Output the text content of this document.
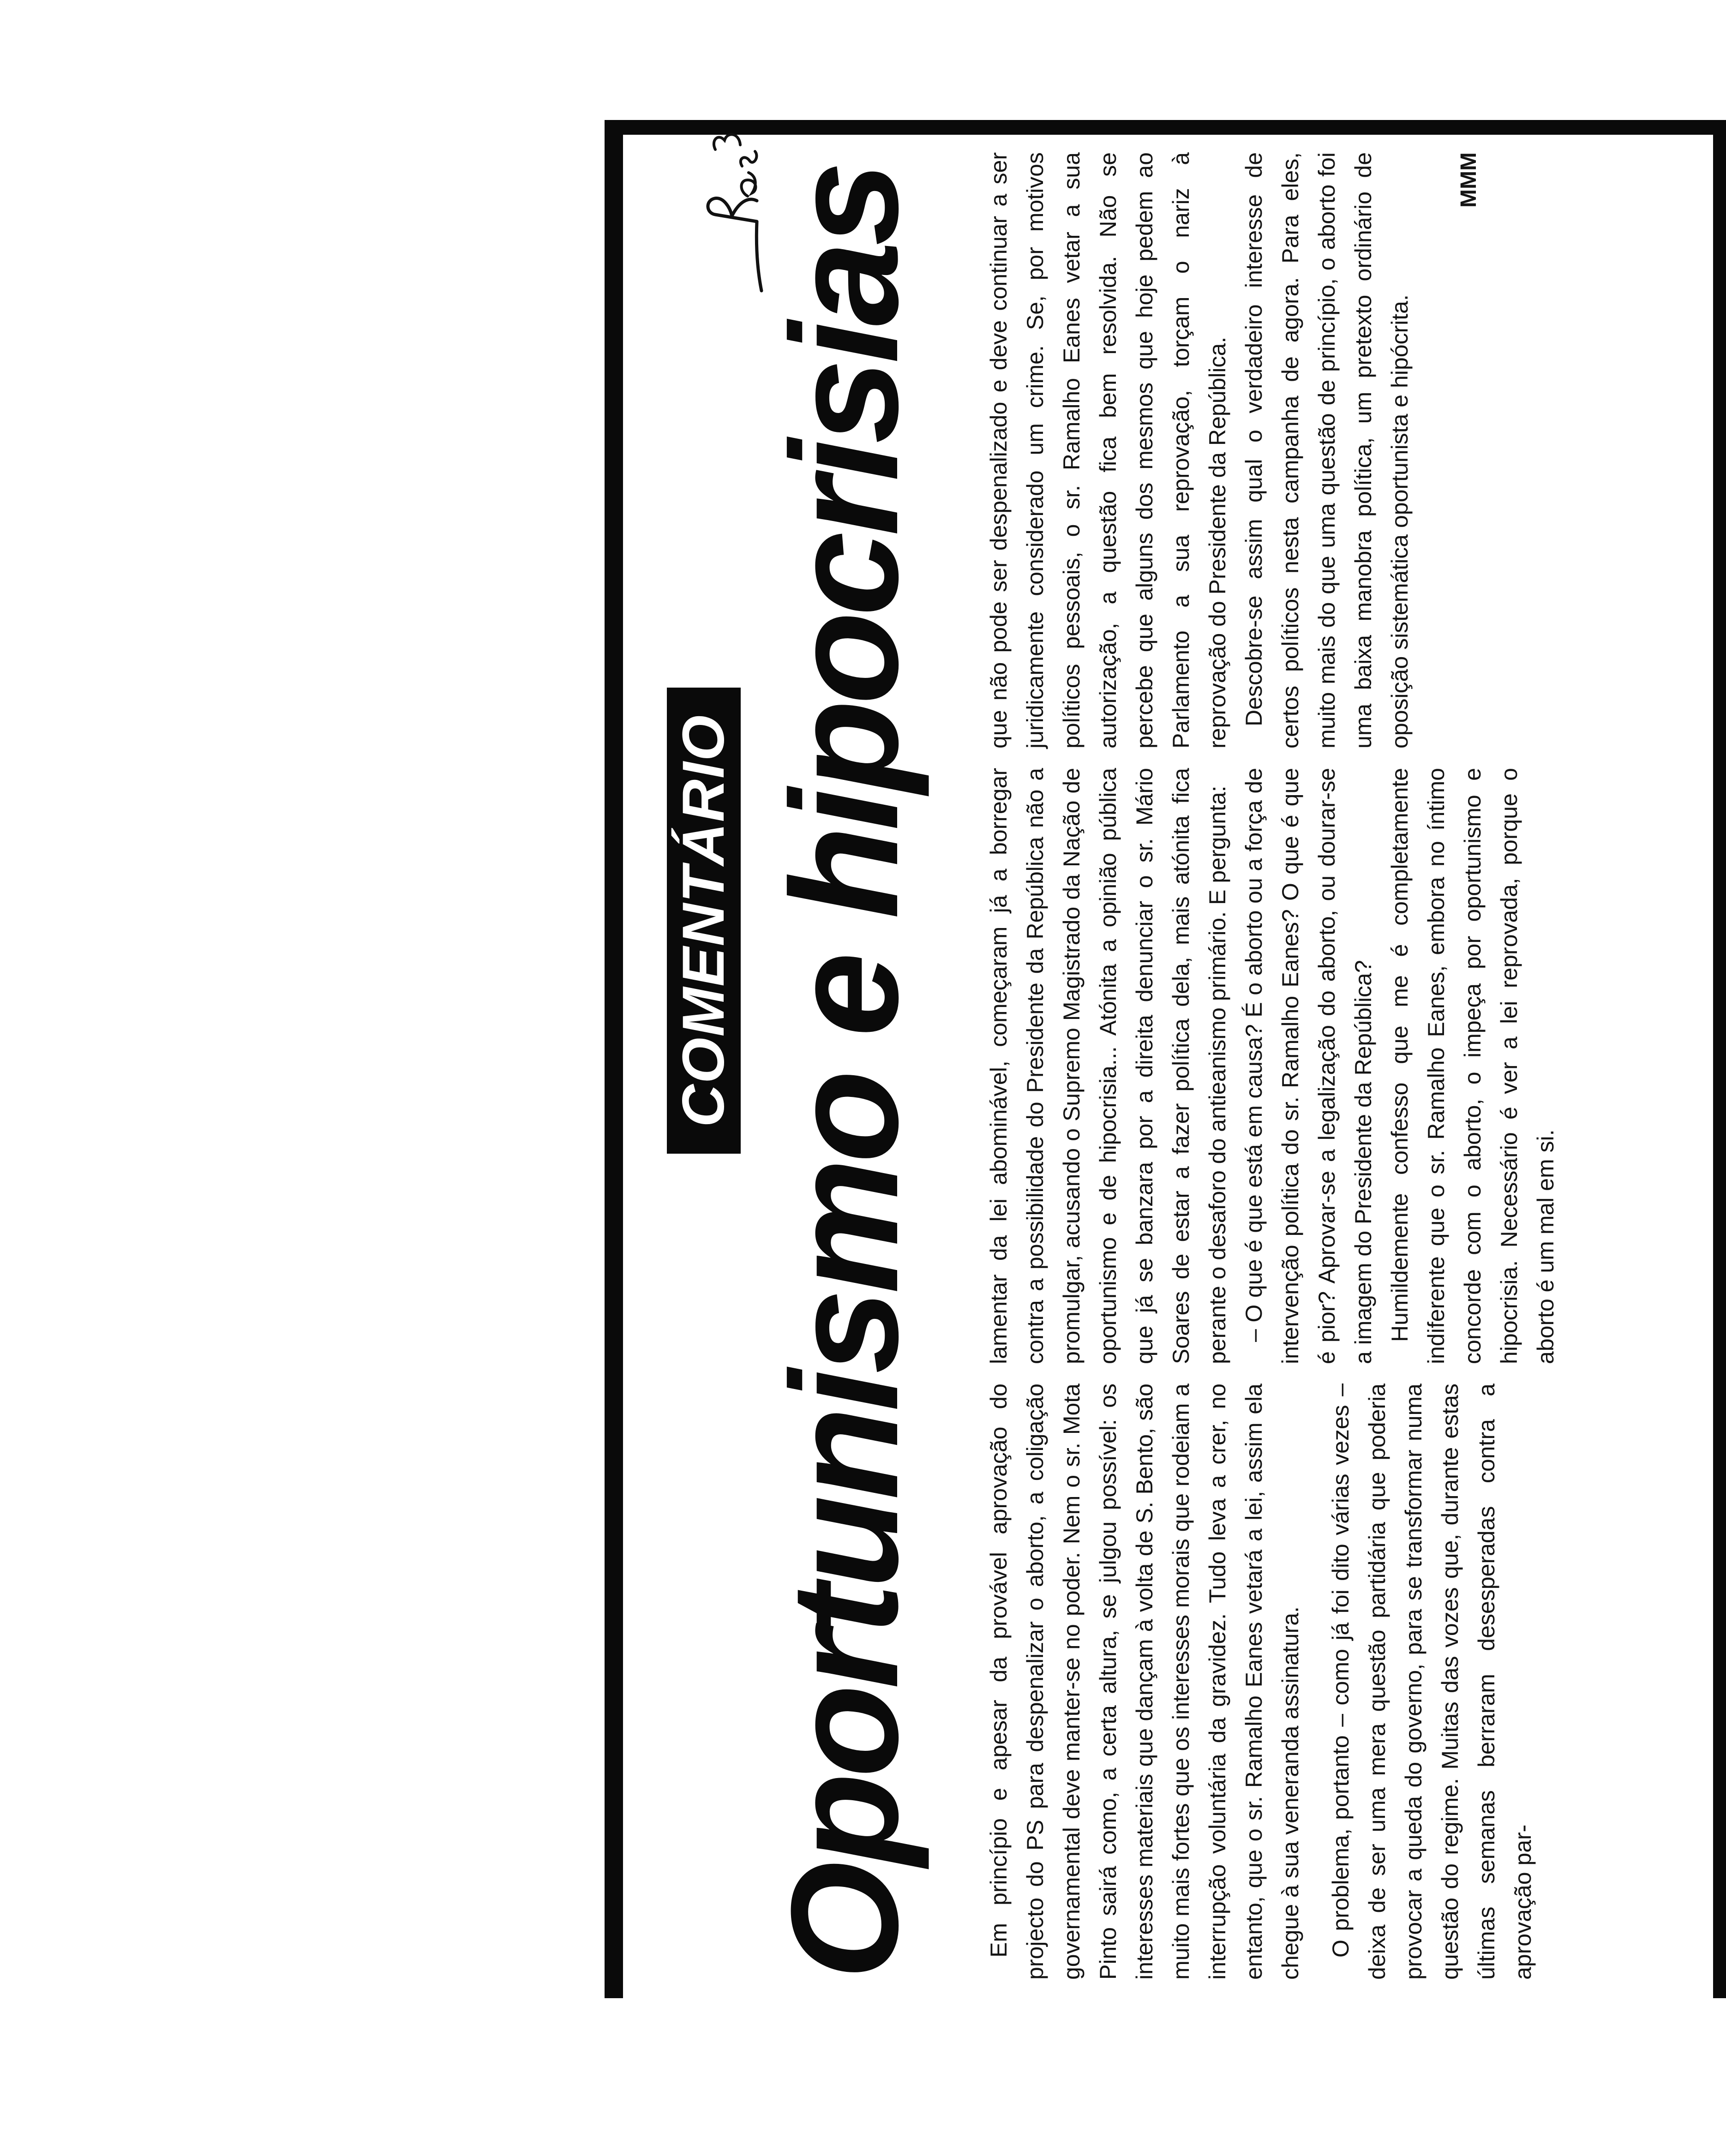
COMENTÁRIO Oportunismo e hipocrisias	Em princípio e apesar da provável aprovação do projecto do PS para despenalizar o aborto, a coligação governamental deve manter-se no poder. Nem o sr. Mota Pinto sairá como, a certa altura, se julgou possível: os interesses materiais que dançam à volta de S. Bento, são muito mais fortes que os interesses morais que rodeiam a interrupção voluntária da gravidez. Tudo leva a crer, no entanto, que o sr. Ramalho Eanes vetará a lei, assim ela chegue à sua veneranda assinatura. O problema, portanto – como já foi dito várias vezes – deixa de ser uma mera questão partidária que poderia provocar a queda do governo, para se transformar numa questão do regime. Muitas das vozes que, durante estas últimas semanas berraram desesperadas contra a aprovação par-

lamentar da lei abominável, começaram já a borregar contra a possibilidade do Presidente da República não a promulgar, acusando o Supremo Magistrado da Nação de oportunismo e de hipocrisia... Atónita a opinião pública que já se banzara por a direita denunciar o sr. Mário Soares de estar a fazer política dela, mais atónita fica perante o desaforo do antieanismo primário. E pergunta: – O que é que está em causa? É o aborto ou a força de intervenção política do sr. Ramalho Eanes? O que é que é pior? Aprovar-se a legalização do aborto, ou dourar-se a imagem do Presidente da República? Humildemente confesso que me é completamente indiferente que o sr. Ramalho Eanes, embora no íntimo concorde com o aborto, o impeça por oportunismo e hipocrisia. Necessário é ver a lei reprovada, porque o aborto é um mal em si.

que não pode ser despenalizado e deve continuar a ser juridicamente considerado um crime. Se, por motivos políticos pessoais, o sr. Ramalho Eanes vetar a sua autorização, a questão fica bem resolvida. Não se percebe que alguns dos mesmos que hoje pedem ao Parlamento a sua reprovação, torçam o nariz à reprovação do Presidente da República. Descobre-se assim qual o verdadeiro interesse de certos políticos nesta campanha de agora. Para eles, muito mais do que uma questão de princípio, o aborto foi uma baixa manobra política, um pretexto ordinário de oposição sistemática oportunista e hipócrita.

MMM
